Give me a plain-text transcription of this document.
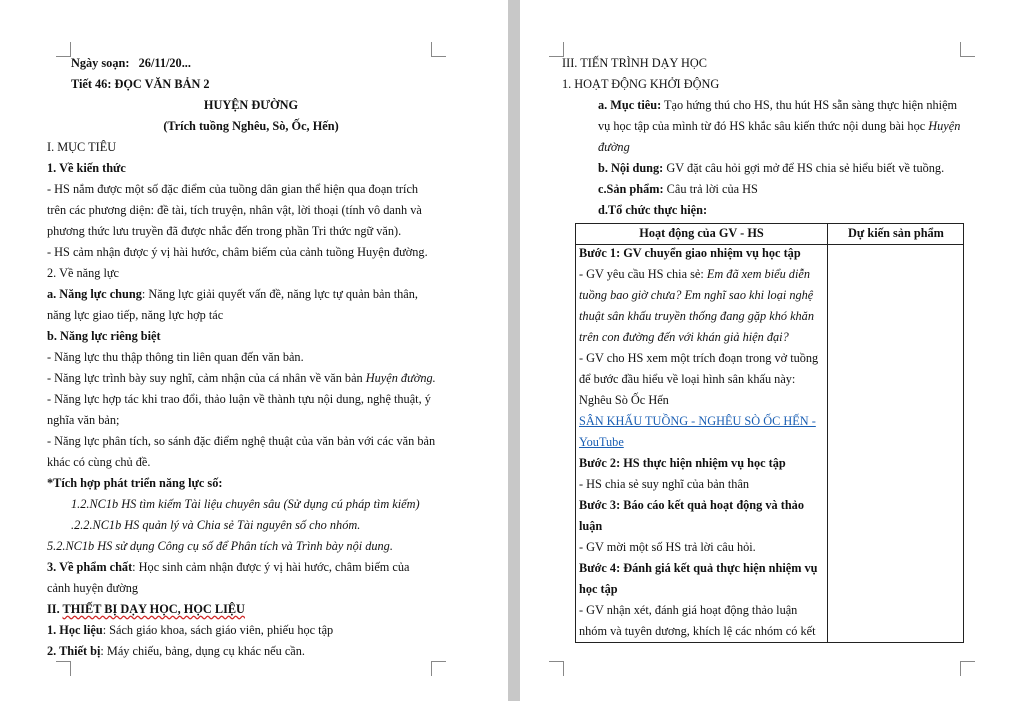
Ngày soạn: 26/11/20...
Tiết 46: ĐỌC VĂN BẢN 2
HUYỆN ĐƯỜNG
(Trích tuồng Nghêu, Sò, Ốc, Hến)
I. MỤC TIÊU
1. Về kiến thức
- HS nắm được một số đặc điểm của tuồng dân gian thể hiện qua đoạn trích
trên các phương diện: đề tài, tích truyện, nhân vật, lời thoại (tính vô danh và
phương thức lưu truyền đã được nhắc đến trong phần Tri thức ngữ văn).
- HS cảm nhận được ý vị hài hước, châm biếm của cảnh tuồng Huyện đường.
2. Về năng lực
a. Năng lực chung: Năng lực giải quyết vấn đề, năng lực tự quản bản thân,
năng lực giao tiếp, năng lực hợp tác
b. Năng lực riêng biệt
- Năng lực thu thập thông tin liên quan đến văn bản.
- Năng lực trình bày suy nghĩ, cảm nhận của cá nhân về văn bản Huyện đường.
- Năng lực hợp tác khi trao đổi, thảo luận về thành tựu nội dung, nghệ thuật, ý
nghĩa văn bản;
- Năng lực phân tích, so sánh đặc điểm nghệ thuật của văn bản với các văn bản
khác có cùng chủ đề.
*Tích hợp phát triển năng lực số:
1.2.NC1b HS tìm kiếm Tài liệu chuyên sâu (Sử dụng cú pháp tìm kiếm)
.2.2.NC1b HS quản lý và Chia sẻ Tài nguyên số cho nhóm.
5.2.NC1b HS sử dụng Công cụ số để Phân tích và Trình bày nội dung.
3. Về phẩm chất: Học sinh cảm nhận được ý vị hài hước, châm biếm của
cảnh huyện đường
II. THIẾT BỊ DẠY HỌC, HỌC LIỆU
1. Học liệu: Sách giáo khoa, sách giáo viên, phiếu học tập
2. Thiết bị: Máy chiếu, bảng, dụng cụ khác nếu cần.
III. TIẾN TRÌNH DẠY HỌC
1. HOẠT ĐỘNG KHỞI ĐỘNG
a. Mục tiêu: Tạo hứng thú cho HS, thu hút HS sẵn sàng thực hiện nhiệm
vụ học tập của mình từ đó HS khắc sâu kiến thức nội dung bài học Huyện
đường
b. Nội dung: GV đặt câu hỏi gợi mở để HS chia sẻ hiểu biết về tuồng.
c.Sản phẩm: Câu trả lời của HS
d.Tổ chức thực hiện:
Hoạt động của GV - HS	Dự kiến sản phẩm
Bước 1: GV chuyển giao nhiệm vụ học tập
- GV yêu cầu HS chia sẻ: Em đã xem biểu diễn
tuồng bao giờ chưa? Em nghĩ sao khi loại nghệ
thuật sân khấu truyền thống đang gặp khó khăn
trên con đường đến với khán giả hiện đại?
- GV cho HS xem một trích đoạn trong vở tuồng
để bước đầu hiểu về loại hình sân khấu này:
Nghêu Sò Ốc Hến
SÂN KHẤU TUỒNG - NGHÊU SÒ ỐC HẾN -
YouTube
Bước 2: HS thực hiện nhiệm vụ học tập
- HS chia sẻ suy nghĩ của bản thân
Bước 3: Báo cáo kết quả hoạt động và thảo
luận
- GV mời một số HS trả lời câu hỏi.
Bước 4: Đánh giá kết quả thực hiện nhiệm vụ
học tập
- GV nhận xét, đánh giá hoạt động thảo luận
nhóm và tuyên dương, khích lệ các nhóm có kết
